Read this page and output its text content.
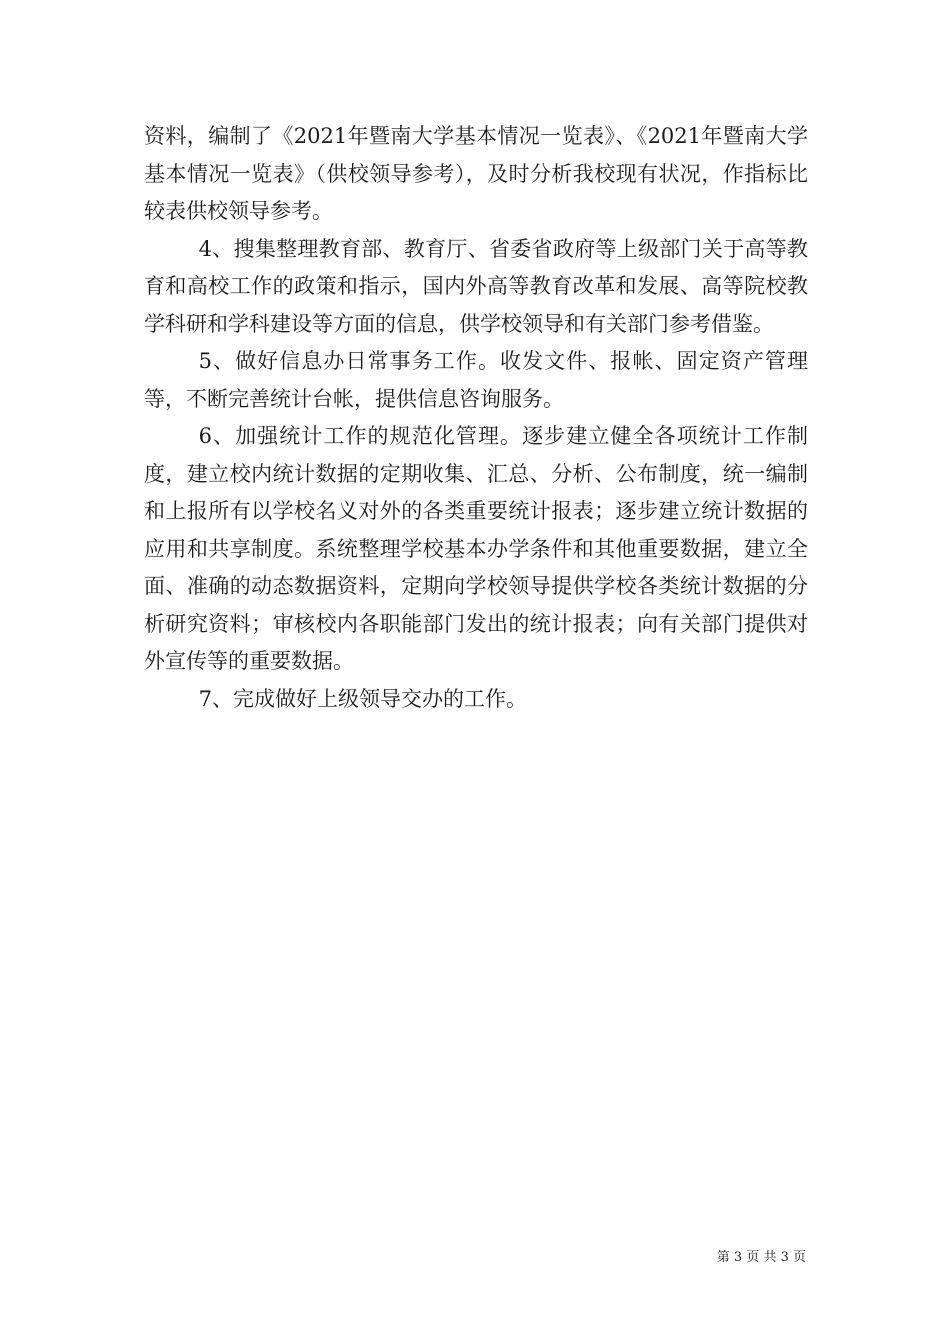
资料，编制了《2021年暨南大学基本情况一览表》、《2021年暨南大学基本情况一览表》（供校领导参考），及时分析我校现有状况，作指标比较表供校领导参考。

4、搜集整理教育部、教育厅、省委省政府等上级部门关于高等教育和高校工作的政策和指示，国内外高等教育改革和发展、高等院校教学科研和学科建设等方面的信息，供学校领导和有关部门参考借鉴。

5、做好信息办日常事务工作。收发文件、报帐、固定资产管理等，不断完善统计台帐，提供信息咨询服务。

6、加强统计工作的规范化管理。逐步建立健全各项统计工作制度，建立校内统计数据的定期收集、汇总、分析、公布制度，统一编制和上报所有以学校名义对外的各类重要统计报表；逐步建立统计数据的应用和共享制度。系统整理学校基本办学条件和其他重要数据，建立全面、准确的动态数据资料，定期向学校领导提供学校各类统计数据的分析研究资料；审核校内各职能部门发出的统计报表；向有关部门提供对外宣传等的重要数据。

7、完成做好上级领导交办的工作。

第 3 页 共 3 页
